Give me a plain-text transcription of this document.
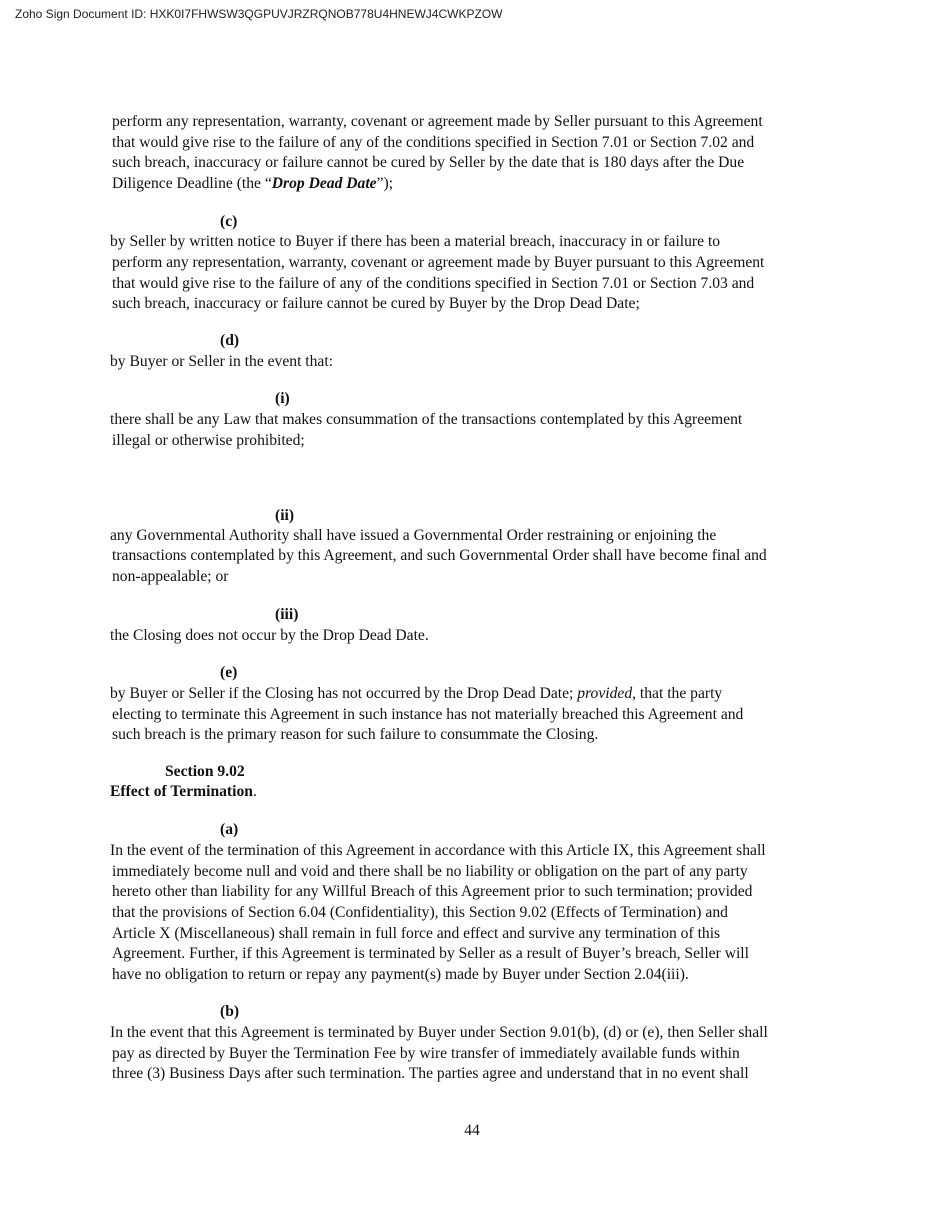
Zoho Sign Document ID: HXK0I7FHWSW3QGPUVJRZRQNOB778U4HNEWJ4CWKPZOW
perform any representation, warranty, covenant or agreement made by Seller pursuant to this Agreement
that would give rise to the failure of any of the conditions specified in Section 7.01 or Section 7.02 and
such breach, inaccuracy or failure cannot be cured by Seller by the date that is 180 days after the Due
Diligence Deadline (the “Drop Dead Date”);
(c)
by Seller by written notice to Buyer if there has been a material breach, inaccuracy in or failure to
perform any representation, warranty, covenant or agreement made by Buyer pursuant to this Agreement
that would give rise to the failure of any of the conditions specified in Section 7.01 or Section 7.03 and
such breach, inaccuracy or failure cannot be cured by Buyer by the Drop Dead Date;
(d)
by Buyer or Seller in the event that:
(i)
there shall be any Law that makes consummation of the transactions contemplated by this Agreement
illegal or otherwise prohibited;
(ii)
any Governmental Authority shall have issued a Governmental Order restraining or enjoining the
transactions contemplated by this Agreement, and such Governmental Order shall have become final and
non-appealable; or
(iii)
the Closing does not occur by the Drop Dead Date.
(e)
by Buyer or Seller if the Closing has not occurred by the Drop Dead Date; provided, that the party
electing to terminate this Agreement in such instance has not materially breached this Agreement and
such breach is the primary reason for such failure to consummate the Closing.
Section 9.02
Effect of Termination.
(a)
In the event of the termination of this Agreement in accordance with this Article IX, this Agreement shall
immediately become null and void and there shall be no liability or obligation on the part of any party
hereto other than liability for any Willful Breach of this Agreement prior to such termination; provided
that the provisions of Section 6.04 (Confidentiality), this Section 9.02 (Effects of Termination) and
Article X (Miscellaneous) shall remain in full force and effect and survive any termination of this
Agreement. Further, if this Agreement is terminated by Seller as a result of Buyer’s breach, Seller will
have no obligation to return or repay any payment(s) made by Buyer under Section 2.04(iii).
(b)
In the event that this Agreement is terminated by Buyer under Section 9.01(b), (d) or (e), then Seller shall
pay as directed by Buyer the Termination Fee by wire transfer of immediately available funds within
three (3) Business Days after such termination. The parties agree and understand that in no event shall
44
